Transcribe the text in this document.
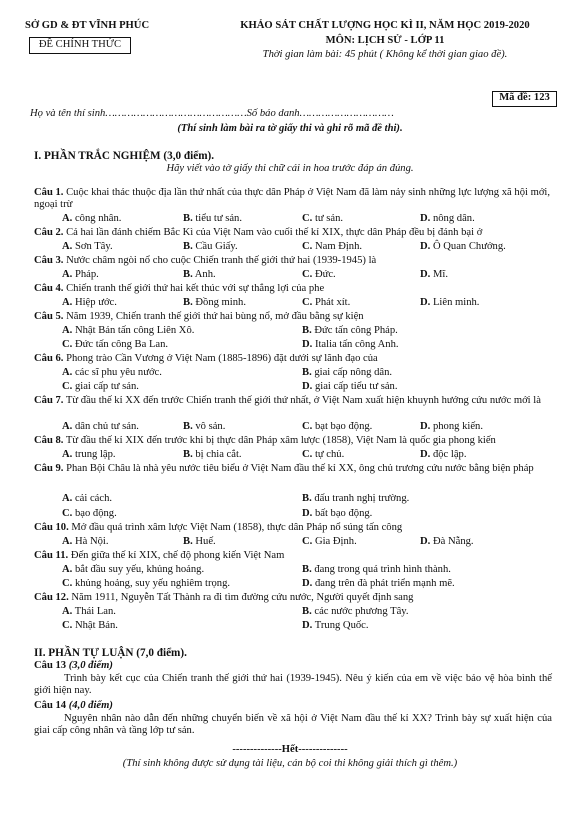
SỞ GD & ĐT VĨNH PHÚC
ĐỀ CHÍNH THỨC
KHẢO SÁT CHẤT LƯỢNG HỌC KÌ II, NĂM HỌC 2019-2020
MÔN: LỊCH SỬ - LỚP 11
Thời gian làm bài: 45 phút ( Không kể thời gian giao đề).
Mã đề: 123
Họ và tên thí sinh………………………………………Số báo danh…………………………
(Thí sinh làm bài ra tờ giấy thi và ghi rõ mã đề thi).
I. PHẦN TRẮC NGHIỆM (3,0 điểm).
Hãy viết vào tờ giấy thi chữ cái in hoa trước đáp án đúng.
Câu 1. Cuộc khai thác thuộc địa lần thứ nhất của thực dân Pháp ở Việt Nam đã làm nảy sinh những lực lượng xã hội mới, ngoại trừ
A. công nhân.	B. tiểu tư sản.	C. tư sản.	D. nông dân.
Câu 2. Cả hai lần đánh chiếm Bắc Kì của Việt Nam vào cuối thế kỉ XIX, thực dân Pháp đều bị đánh bại ở
A. Sơn Tây.	B. Cầu Giấy.	C. Nam Định.	D. Ô Quan Chưởng.
Câu 3. Nước châm ngòi nổ cho cuộc Chiến tranh thế giới thứ hai (1939-1945) là
A. Pháp.	B. Anh.	C. Đức.	D. Mĩ.
Câu 4. Chiến tranh thế giới thứ hai kết thúc với sự thắng lợi của phe
A. Hiệp ước.	B. Đồng minh.	C. Phát xít.	D. Liên minh.
Câu 5. Năm 1939, Chiến tranh thế giới thứ hai bùng nổ, mở đầu bằng sự kiện
A. Nhật Bản tấn công Liên Xô.	B. Đức tấn công Pháp.
C. Đức tấn công Ba Lan.	D. Italia tấn công Anh.
Câu 6. Phong trào Cần Vương ở Việt Nam (1885-1896) đặt dưới sự lãnh đạo của
A. các sĩ phu yêu nước.	B. giai cấp nông dân.
C. giai cấp tư sản.	D. giai cấp tiểu tư sản.
Câu 7. Từ đầu thế kỉ XX đến trước Chiến tranh thế giới thứ nhất, ở Việt Nam xuất hiện khuynh hướng cứu nước mới là
A. dân chủ tư sản.	B. vô sản.	C. bạt bạo động.	D. phong kiến.
Câu 8. Từ đầu thế kỉ XIX đến trước khi bị thực dân Pháp xâm lược (1858), Việt Nam là quốc gia phong kiến
A. trung lập.	B. bị chia cắt.	C. tự chủ.	D. độc lập.
Câu 9. Phan Bội Châu là nhà yêu nước tiêu biểu ở Việt Nam đầu thế kỉ XX, ông chủ trương cứu nước bằng biện pháp
A. cải cách.	B. đấu tranh nghị trường.
C. bạo động.	D. bất bạo động.
Câu 10. Mở đầu quá trình xâm lược Việt Nam (1858), thực dân Pháp nổ súng tấn công
A. Hà Nội.	B. Huế.	C. Gia Định.	D. Đà Nẵng.
Câu 11. Đến giữa thế kỉ XIX, chế độ phong kiến Việt Nam
A. bắt đầu suy yếu, khủng hoảng.	B. đang trong quá trình hình thành.
C. khủng hoảng, suy yếu nghiêm trọng.	D. đang trên đà phát triển mạnh mẽ.
Câu 12. Năm 1911, Nguyễn Tất Thành ra đi tìm đường cứu nước, Người quyết định sang
A. Thái Lan.	B. các nước phương Tây.
C. Nhật Bản.	D. Trung Quốc.
II. PHẦN TỰ LUẬN (7,0 điểm).
Câu 13 (3,0 điểm)
Trình bày kết cục của Chiến tranh thế giới thứ hai (1939-1945). Nêu ý kiến của em về việc bảo vệ hòa bình thế giới hiện nay.
Câu 14 (4,0 điểm)
Nguyên nhân nào dẫn đến những chuyển biến về xã hội ở Việt Nam đầu thế kỉ XX? Trình bày sự xuất hiện của giai cấp công nhân và tầng lớp tư sản.
--------------Hết--------------
(Thí sinh không được sử dụng tài liệu, cán bộ coi thi không giải thích gì thêm.)
